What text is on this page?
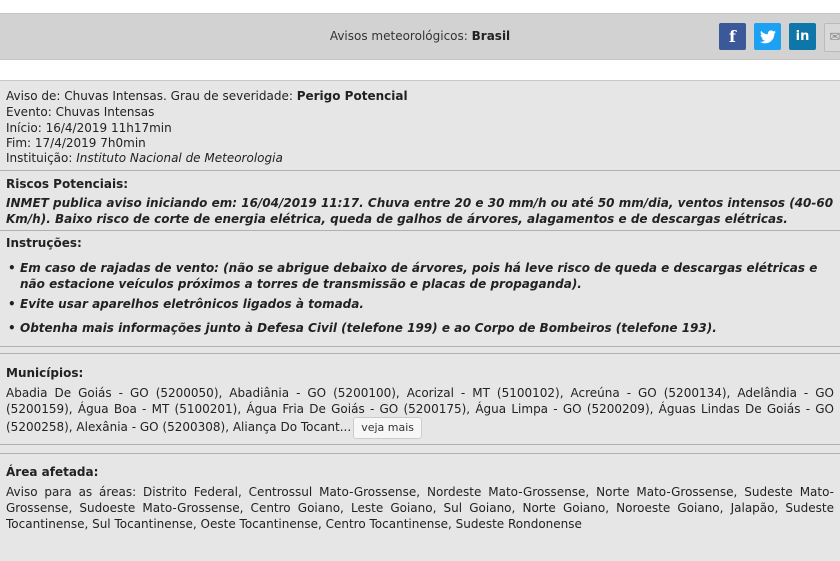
Avisos meteorológicos: Brasil	f	in	✉
Aviso de: Chuvas Intensas. Grau de severidade: Perigo Potencial
Evento: Chuvas Intensas
Início: 16/4/2019 11h17min
Fim: 17/4/2019 7h0min
Instituição: Instituto Nacional de Meteorologia
Riscos Potenciais:
INMET publica aviso iniciando em: 16/04/2019 11:17. Chuva entre 20 e 30 mm/h ou até 50 mm/dia, ventos intensos (40-60 Km/h). Baixo risco de corte de energia elétrica, queda de galhos de árvores, alagamentos e de descargas elétricas.
Instruções:
• Em caso de rajadas de vento: (não se abrigue debaixo de árvores, pois há leve risco de queda e descargas elétricas e não estacione veículos próximos a torres de transmissão e placas de propaganda).
• Evite usar aparelhos eletrônicos ligados à tomada.
• Obtenha mais informações junto à Defesa Civil (telefone 199) e ao Corpo de Bombeiros (telefone 193).
Municípios:
Abadia De Goiás - GO (5200050), Abadiânia - GO (5200100), Acorizal - MT (5100102), Acreúna - GO (5200134), Adelândia - GO (5200159), Água Boa - MT (5100201), Água Fria De Goiás - GO (5200175), Água Limpa - GO (5200209), Águas Lindas De Goiás - GO (5200258), Alexânia - GO (5200308), Aliança Do Tocant... veja mais
Área afetada:
Aviso para as áreas: Distrito Federal, Centrossul Mato-Grossense, Nordeste Mato-Grossense, Norte Mato-Grossense, Sudeste Mato-Grossense, Sudoeste Mato-Grossense, Centro Goiano, Leste Goiano, Sul Goiano, Norte Goiano, Noroeste Goiano, Jalapão, Sudeste Tocantinense, Sul Tocantinense, Oeste Tocantinense, Centro Tocantinense, Sudeste Rondonense
